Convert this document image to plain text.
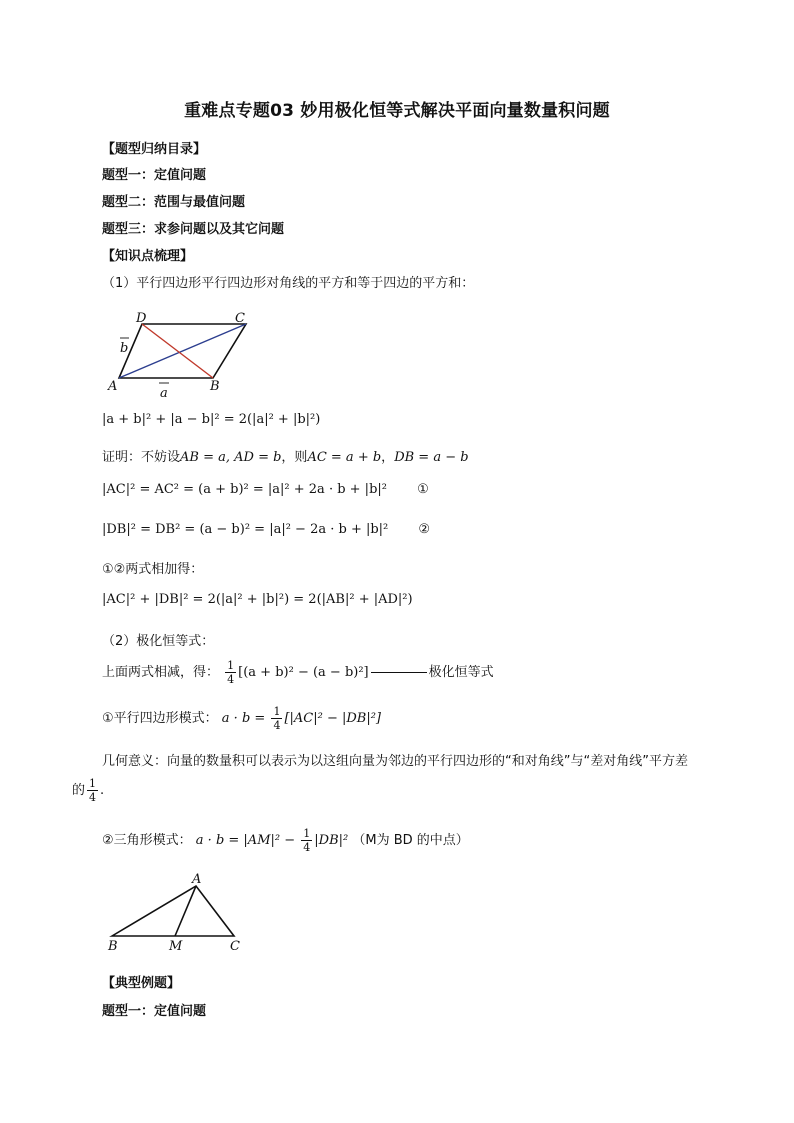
重难点专题03 妙用极化恒等式解决平面向量数量积问题
【题型归纳目录】
题型一：定值问题
题型二：范围与最值问题
题型三：求参问题以及其它问题
【知识点梳理】
（1）平行四边形平行四边形对角线的平方和等于四边的平方和：
D	C
A	B
b
a
|a + b|² + |a − b|² = 2(|a|² + |b|²)
证明：不妨设AB = a, AD = b，则AC = a + b，DB = a − b
|AC|² = AC² = (a + b)² = |a|² + 2a · b + |b|² ①
|DB|² = DB² = (a − b)² = |a|² − 2a · b + |b|² ②
①②两式相加得：
|AC|² + |DB|² = 2(|a|² + |b|²) = 2(|AB|² + |AD|²)
（2）极化恒等式：
上面两式相减，得： $\frac{1}{4} [(a + b)^2 - (a - b)^2]$	极化恒等式
①平行四边形模式： $a \cdot b = \frac{1}{4} [|AC|^2 - |DB|^2]$
几何意义：向量的数量积可以表示为以这组向量为邻边的平行四边形的“和对角线”与“差对角线”平方差
的 $\frac{1}{4}$ .
②三角形模式： $a \cdot b = |AM|^2 - \frac{1}{4} |DB|^2$ （M为 BD 的中点）
A
B	M	C
【典型例题】
题型一：定值问题
